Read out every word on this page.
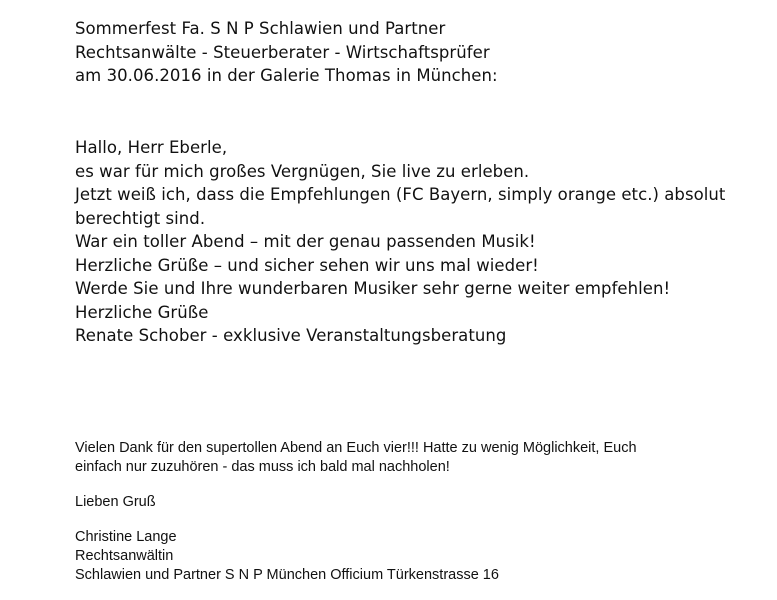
Sommerfest Fa. S N P Schlawien und Partner
Rechtsanwälte - Steuerberater - Wirtschaftsprüfer
am 30.06.2016 in der Galerie Thomas in München:
Hallo, Herr Eberle,
es war für mich großes Vergnügen, Sie live zu erleben.
Jetzt weiß ich, dass die Empfehlungen (FC Bayern, simply orange etc.) absolut
berechtigt sind.
War ein toller Abend – mit der genau passenden Musik!
Herzliche Grüße – und sicher sehen wir uns mal wieder!
Werde Sie und Ihre wunderbaren Musiker sehr gerne weiter empfehlen!
Herzliche Grüße
Renate Schober - exklusive Veranstaltungsberatung
Vielen Dank für den supertollen Abend an Euch vier!!! Hatte zu wenig Möglichkeit, Euch
einfach nur zuzuhören - das muss ich bald mal nachholen!
Lieben Gruß
Christine Lange
Rechtsanwältin
Schlawien und Partner S N P München Officium Türkenstrasse 16
